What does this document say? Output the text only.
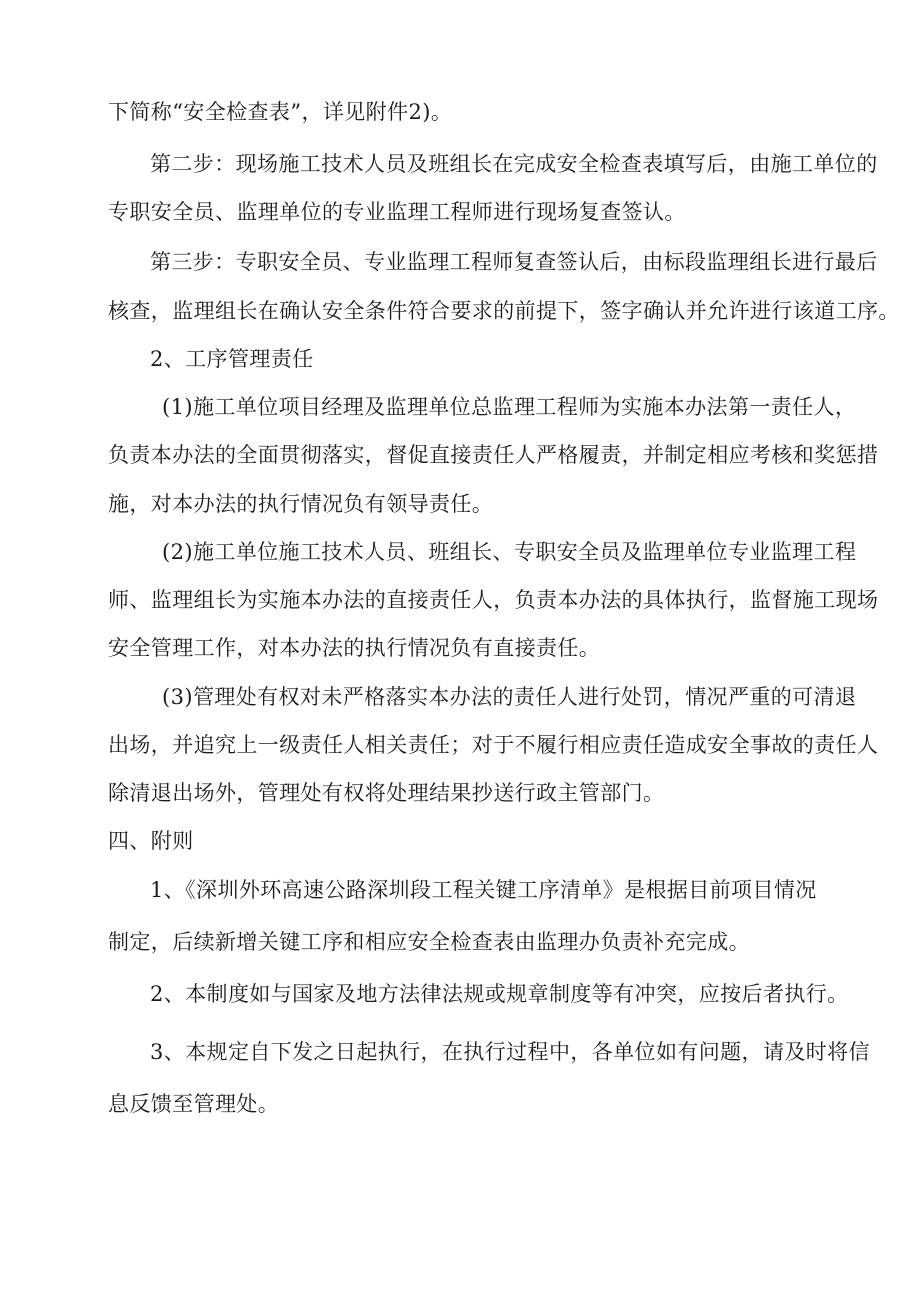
下简称“安全检查表”，详见附件2)。
第二步：现场施工技术人员及班组长在完成安全检查表填写后，由施工单位的
专职安全员、监理单位的专业监理工程师进行现场复查签认。
第三步：专职安全员、专业监理工程师复查签认后，由标段监理组长进行最后
核查，监理组长在确认安全条件符合要求的前提下，签字确认并允许进行该道工序。
2、工序管理责任
(1)施工单位项目经理及监理单位总监理工程师为实施本办法第一责任人，
负责本办法的全面贯彻落实，督促直接责任人严格履责，并制定相应考核和奖惩措
施，对本办法的执行情况负有领导责任。
(2)施工单位施工技术人员、班组长、专职安全员及监理单位专业监理工程
师、监理组长为实施本办法的直接责任人，负责本办法的具体执行，监督施工现场
安全管理工作，对本办法的执行情况负有直接责任。
(3)管理处有权对未严格落实本办法的责任人进行处罚，情况严重的可清退
出场，并追究上一级责任人相关责任；对于不履行相应责任造成安全事故的责任人
除清退出场外，管理处有权将处理结果抄送行政主管部门。
四、附则
1、《深圳外环高速公路深圳段工程关键工序清单》是根据目前项目情况
制定，后续新增关键工序和相应安全检查表由监理办负责补充完成。
2、本制度如与国家及地方法律法规或规章制度等有冲突，应按后者执行。
3、本规定自下发之日起执行，在执行过程中，各单位如有问题，请及时将信
息反馈至管理处。
